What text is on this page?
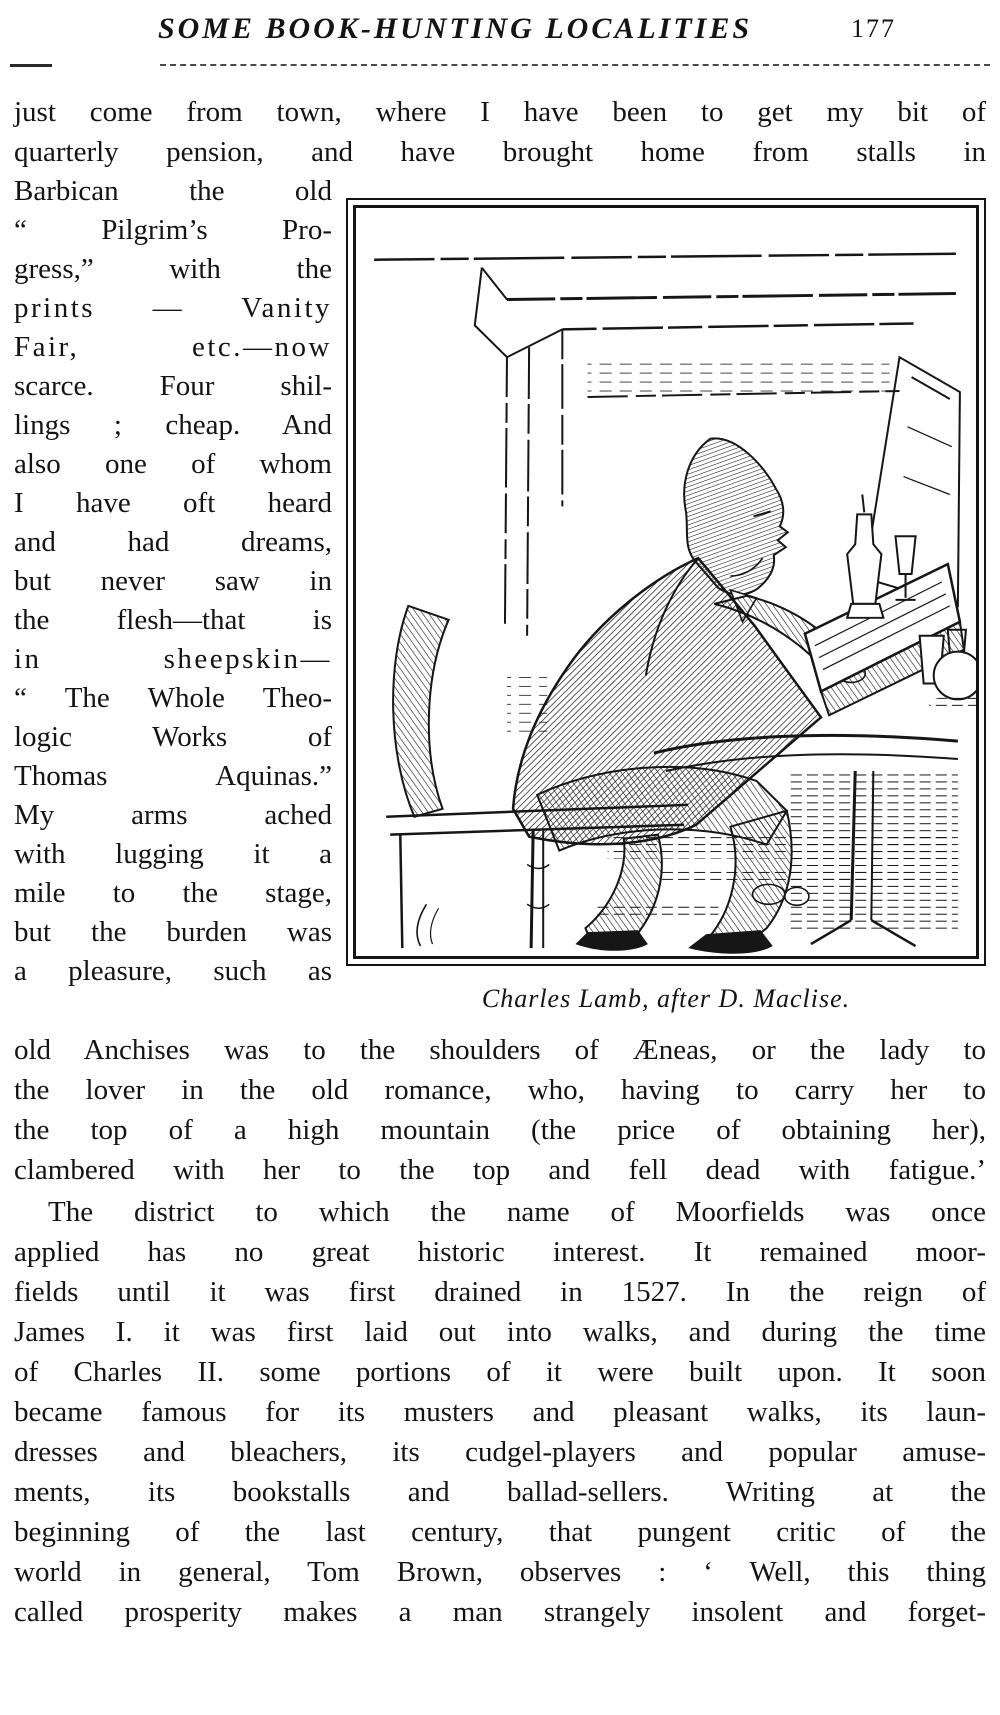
SOME BOOK-HUNTING LOCALITIES	177
just come from town, where I have been to get my bit of
quarterly pension, and have brought home from stalls in
Barbican the old
“ Pilgrim’s Pro-
gress,” with the
prints — Vanity
Fair, etc.—now
scarce. Four shil-
lings ; cheap. And
also one of whom
I have oft heard
and had dreams,
but never saw in
the flesh—that is
in sheepskin—
“ The Whole Theo-
logic Works of
Thomas Aquinas.”
My arms ached
with lugging it a
mile to the stage,
but the burden was
a pleasure, such as
Charles Lamb, after D. Maclise.
old Anchises was to the shoulders of Æneas, or the lady to
the lover in the old romance, who, having to carry her to
the top of a high mountain (the price of obtaining her),
clambered with her to the top and fell dead with fatigue.’
The district to which the name of Moorfields was once
applied has no great historic interest. It remained moor-
fields until it was first drained in 1527. In the reign of
James I. it was first laid out into walks, and during the time
of Charles II. some portions of it were built upon. It soon
became famous for its musters and pleasant walks, its laun-
dresses and bleachers, its cudgel-players and popular amuse-
ments, its bookstalls and ballad-sellers. Writing at the
beginning of the last century, that pungent critic of the
world in general, Tom Brown, observes : ‘ Well, this thing
called prosperity makes a man strangely insolent and forget-
